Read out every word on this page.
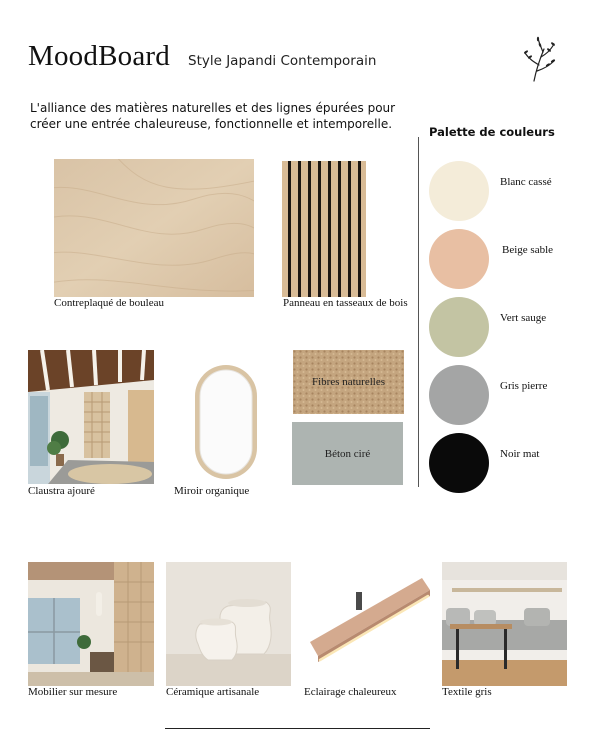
MoodBoard Style Japandi Contemporain
L'alliance des matières naturelles et des lignes épurées pour créer une entrée chaleureuse, fonctionnelle et intemporelle.
Contreplaqué de bouleau	Panneau en tasseaux de bois
Palette de couleurs
Blanc cassé
Beige sable
Vert sauge
Gris pierre
Noir mat
Claustra ajouré	Miroir organique
Fibres naturelles
Béton ciré
Mobilier sur mesure	Céramique artisanale	Eclairage chaleureux	Textile gris
